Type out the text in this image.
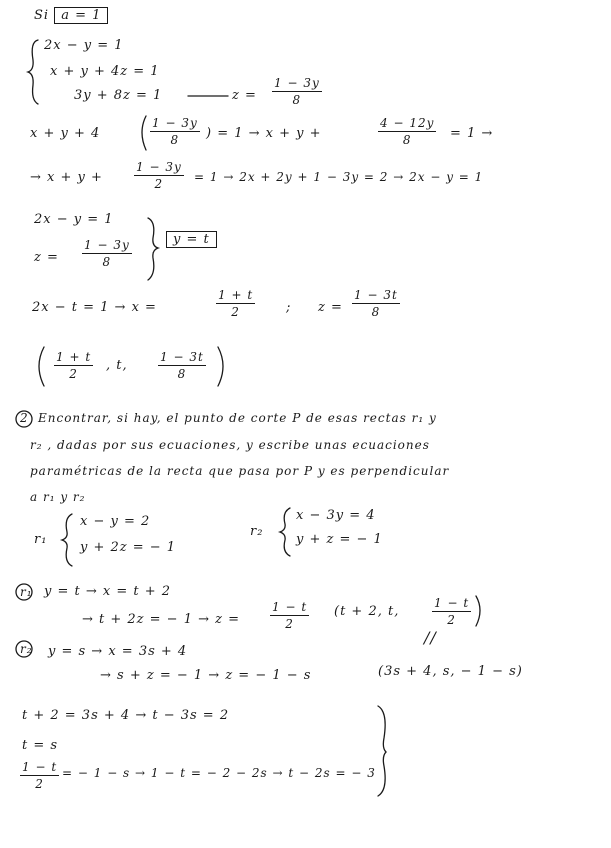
Si a = 1
2x − y = 1
x + y + 4z = 1
3y + 8z = 1	z =
1 − 3y
8
x + y + 4
1 − 3y
8 ) = 1 → x + y +
4 − 12y
8	= 1 →
→ x + y +
1 − 3y
2	= 1 → 2x + 2y + 1 − 3y = 2 → 2x − y = 1
2x − y = 1
z =
1 − 3y
8
y = t
2x − t = 1 → x =
1 + t
2	; z =
1 − 3t
8
1 + t
2
, t,
1 − 3t
8
2 Encontrar, si hay, el punto de corte P de esas rectas r₁ y
r₂ , dadas por sus ecuaciones, y escribe unas ecuaciones
paramétricas de la recta que pasa por P y es perpendicular
a r₁ y r₂
r₁
x − y = 2
y + 2z = − 1
r₂
x − 3y = 4
y + z = − 1
r₁ y = t → x = t + 2
→ t + 2z = − 1 → z =
1 − t
2
(t + 2, t,
1 − t
2
//
r₂ y = s → x = 3s + 4
→ s + z = − 1 → z = − 1 − s	(3s + 4, s, − 1 − s)
t + 2 = 3s + 4 → t − 3s = 2
t = s
1 − t
2
= − 1 − s → 1 − t = − 2 − 2s → t − 2s = − 3
